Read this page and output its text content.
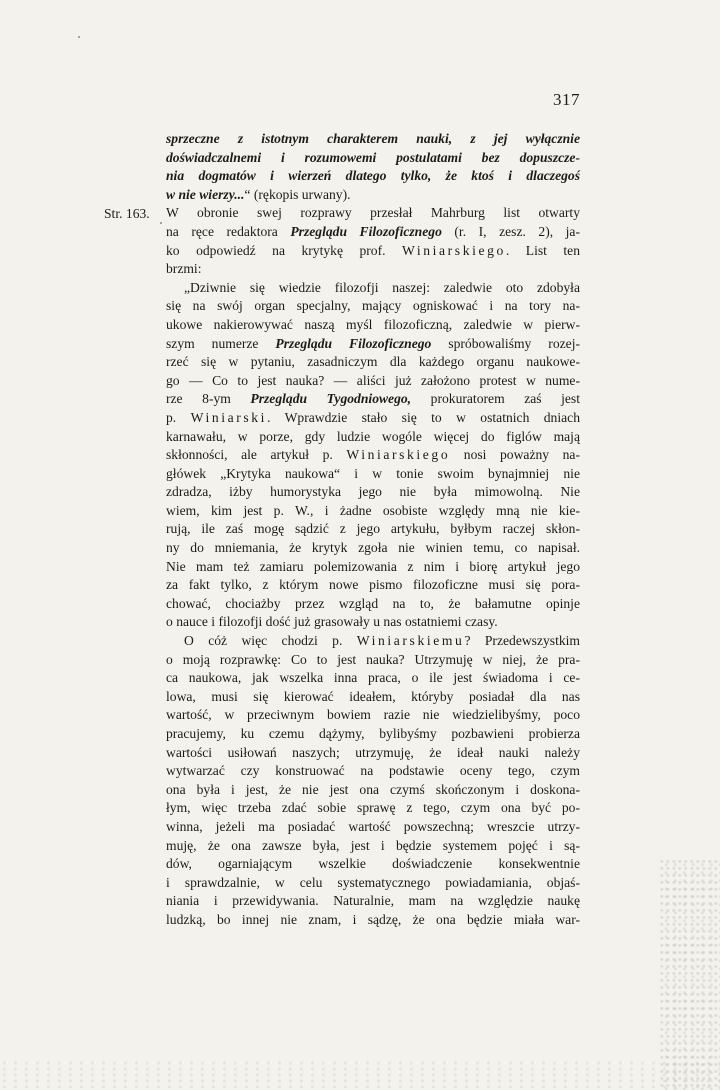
317
Str. 163.
sprzeczne z istotnym charakterem nauki, z jej wyłącznie
doświadczalnemi i rozumowemi postulatami bez dopuszcze-
nia dogmatów i wierzeń dlatego tylko, że ktoś i dlaczegoś
w nie wierzy...“ (rękopis urwany).
W obronie swej rozprawy przesłał Mahrburg list otwarty
na ręce redaktora Przeglądu Filozoficznego (r. I, zesz. 2), ja-
ko odpowiedź na krytykę prof. Winiarskiego. List ten
brzmi:
„Dziwnie się wiedzie filozofji naszej: zaledwie oto zdobyła
się na swój organ specjalny, mający ogniskować i na tory na-
ukowe nakierowywać naszą myśl filozoficzną, zaledwie w pierw-
szym numerze Przeglądu Filozoficznego spróbowaliśmy rozej-
rzeć się w pytaniu, zasadniczym dla każdego organu naukowe-
go — Co to jest nauka? — aliści już założono protest w nume-
rze 8-ym Przeglądu Tygodniowego, prokuratorem zaś jest
p. Winiarski. Wprawdzie stało się to w ostatnich dniach
karnawału, w porze, gdy ludzie wogóle więcej do figlów mają
skłonności, ale artykuł p. Winiarskiego nosi poważny na-
główek „Krytyka naukowa“ i w tonie swoim bynajmniej nie
zdradza, iżby humorystyka jego nie była mimowolną. Nie
wiem, kim jest p. W., i żadne osobiste względy mną nie kie-
rują, ile zaś mogę sądzić z jego artykułu, byłbym raczej skłon-
ny do mniemania, że krytyk zgoła nie winien temu, co napisał.
Nie mam też zamiaru polemizowania z nim i biorę artykuł jego
za fakt tylko, z którym nowe pismo filozoficzne musi się pora-
chować, chociażby przez wzgląd na to, że bałamutne opinje
o nauce i filozofji dość już grasowały u nas ostatniemi czasy.
O cóż więc chodzi p. Winiarskiemu? Przedewszystkim
o moją rozprawkę: Co to jest nauka? Utrzymuję w niej, że pra-
ca naukowa, jak wszelka inna praca, o ile jest świadoma i ce-
lowa, musi się kierować ideałem, któryby posiadał dla nas
wartość, w przeciwnym bowiem razie nie wiedzielibyśmy, poco
pracujemy, ku czemu dążymy, bylibyśmy pozbawieni probierza
wartości usiłowań naszych; utrzymuję, że ideał nauki należy
wytwarzać czy konstruować na podstawie oceny tego, czym
ona była i jest, że nie jest ona czymś skończonym i doskona-
łym, więc trzeba zdać sobie sprawę z tego, czym ona być po-
winna, jeżeli ma posiadać wartość powszechną; wreszcie utrzy-
muję, że ona zawsze była, jest i będzie systemem pojęć i są-
dów, ogarniającym wszelkie doświadczenie konsekwentnie
i sprawdzalnie, w celu systematycznego powiadamiania, objaś-
niania i przewidywania. Naturalnie, mam na względzie naukę
ludzką, bo innej nie znam, i sądzę, że ona będzie miała war-
